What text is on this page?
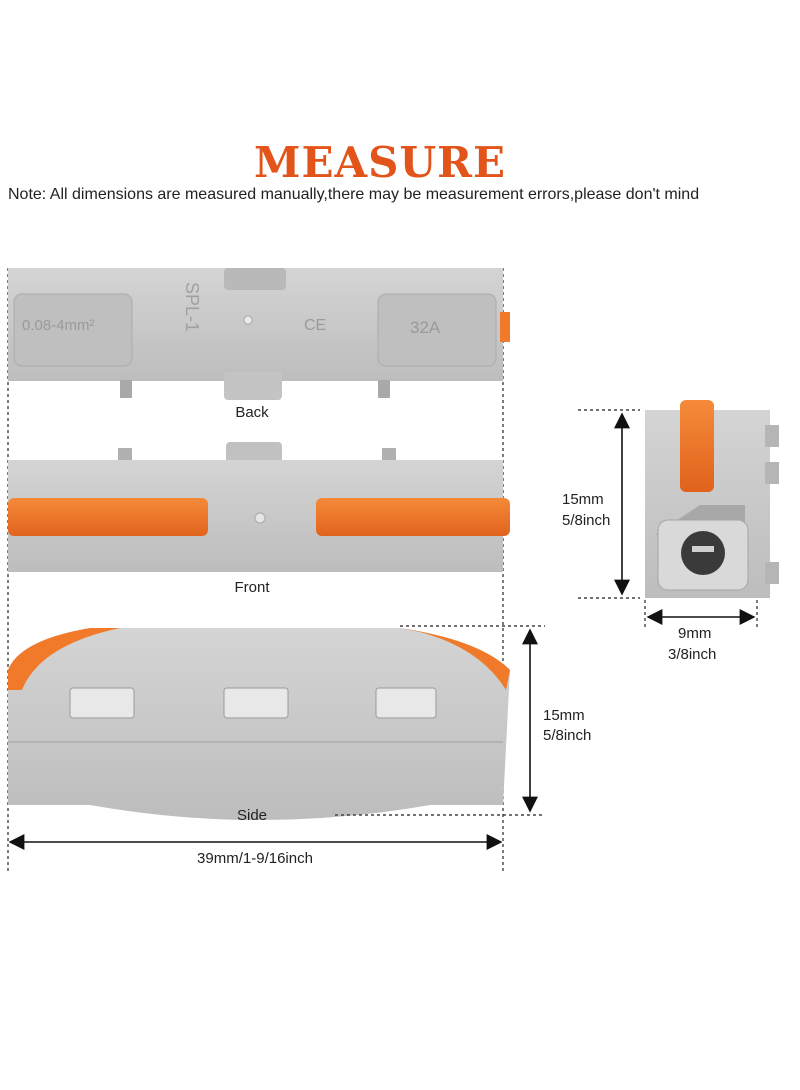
MEASURE
Note: All dimensions are measured manually,there may be measurement errors,please don't mind
0.08-4mm²	32A
CE
SPL-1
Back
Front
Side
39mm/1-9/16inch
15mm
5/8inch
15mm
5/8inch
9mm
3/8inch
